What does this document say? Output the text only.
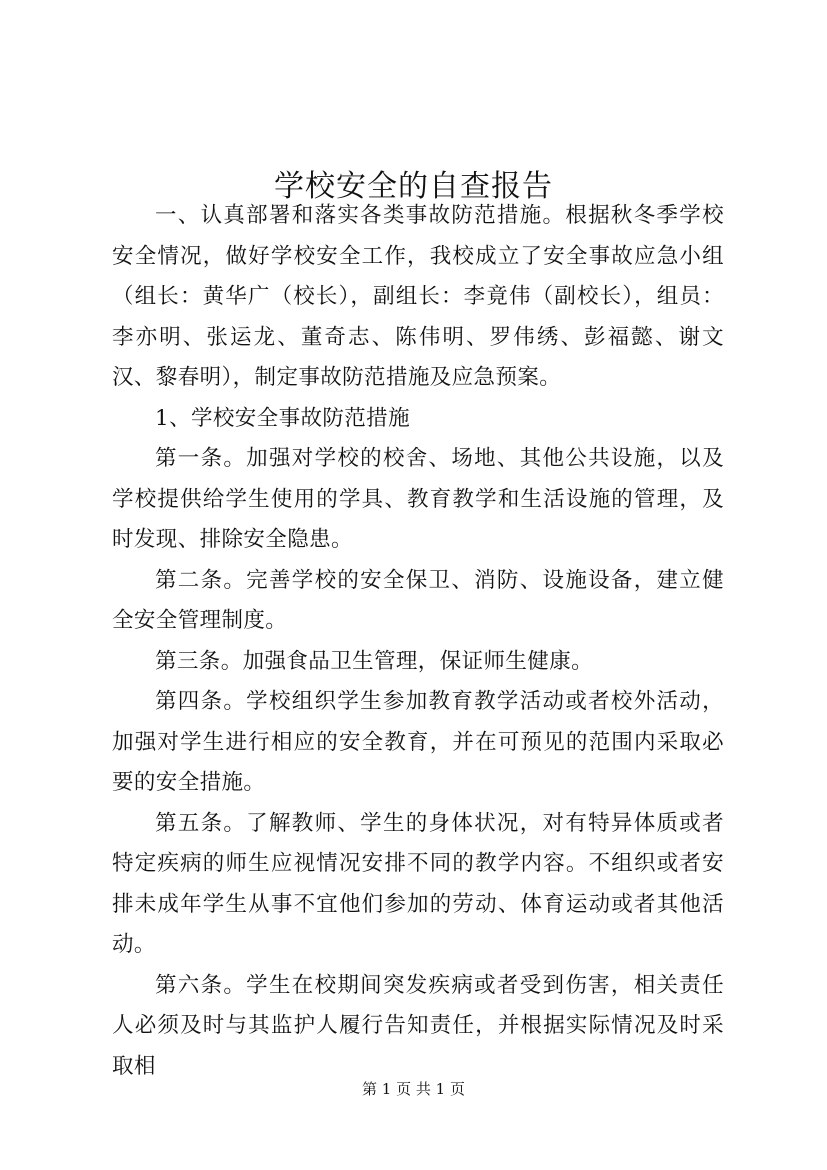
学校安全的自查报告

一、认真部署和落实各类事故防范措施。根据秋冬季学校安全情况，做好学校安全工作，我校成立了安全事故应急小组（组长：黄华广（校长），副组长：李竟伟（副校长），组员：李亦明、张运龙、董奇志、陈伟明、罗伟绣、彭福懿、谢文汉、黎春明），制定事故防范措施及应急预案。

1、学校安全事故防范措施

第一条。加强对学校的校舍、场地、其他公共设施，以及学校提供给学生使用的学具、教育教学和生活设施的管理，及时发现、排除安全隐患。

第二条。完善学校的安全保卫、消防、设施设备，建立健全安全管理制度。

第三条。加强食品卫生管理，保证师生健康。

第四条。学校组织学生参加教育教学活动或者校外活动，加强对学生进行相应的安全教育，并在可预见的范围内采取必要的安全措施。

第五条。了解教师、学生的身体状况，对有特异体质或者特定疾病的师生应视情况安排不同的教学内容。不组织或者安排未成年学生从事不宜他们参加的劳动、体育运动或者其他活动。

第六条。学生在校期间突发疾病或者受到伤害，相关责任人必须及时与其监护人履行告知责任，并根据实际情况及时采取相

第 1 页 共 1 页
